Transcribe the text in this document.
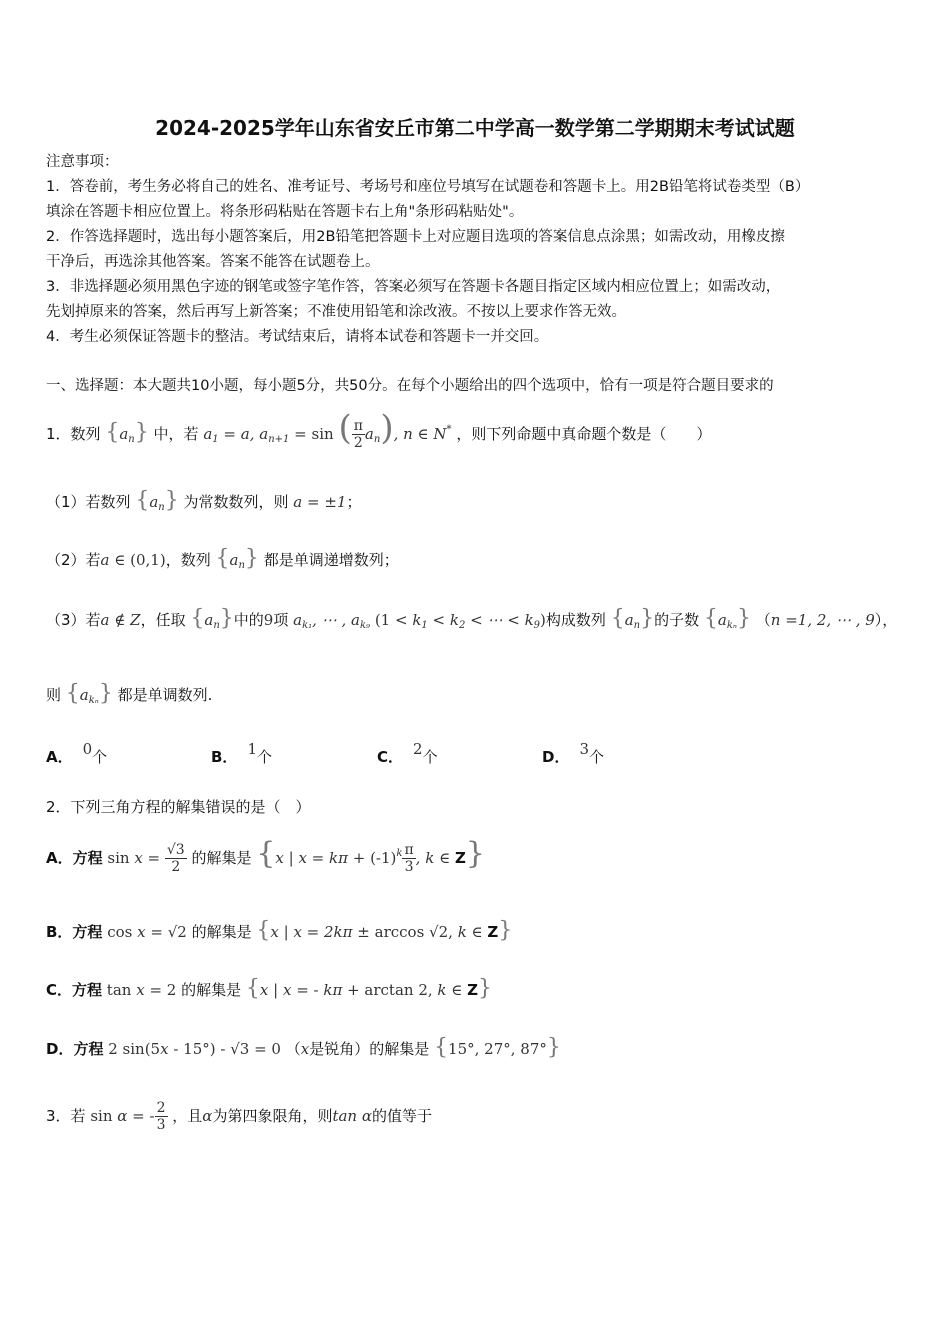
2024-2025学年山东省安丘市第二中学高一数学第二学期期末考试试题
注意事项：
1．答卷前，考生务必将自己的姓名、准考证号、考场号和座位号填写在试题卷和答题卡上。用2B铅笔将试卷类型（B）
填涂在答题卡相应位置上。将条形码粘贴在答题卡右上角"条形码粘贴处"。
2．作答选择题时，选出每小题答案后，用2B铅笔把答题卡上对应题目选项的答案信息点涂黑；如需改动，用橡皮擦
干净后，再选涂其他答案。答案不能答在试题卷上。
3．非选择题必须用黑色字迹的钢笔或签字笔作答，答案必须写在答题卡各题目指定区域内相应位置上；如需改动，
先划掉原来的答案，然后再写上新答案；不准使用铅笔和涂改液。不按以上要求作答无效。
4．考生必须保证答题卡的整洁。考试结束后，请将本试卷和答题卡一并交回。
一、选择题：本大题共10小题，每小题5分，共50分。在每个小题给出的四个选项中，恰有一项是符合题目要求的
1．数列 $\{a_n\}$ 中，若 $a_1 = a$, $a_{n+1} = \sin$ ( $\frac{\pi}{2} a_n$), n ∈ N* ，则下列命题中真命题个数是（　　）
（1）若数列 $\{a_n\}$ 为常数数列，则 a = ±1；
（2）若a ∈ (0,1)，数列 $\{a_n\}$ 都是单调递增数列；
（3）若a ∉ Z，任取 $\{a_n\}$中的9项 $a_{k_1}$, ⋯ , $a_{k_9}$ ($1 < k_1 < k_2$ < ⋯ < $k_9$)构成数列 $\{a_n\}$的子数 $\{a_{k_n}\}$ （n =1, 2, ⋯ , 9），
则 $\{a_{k_n}\}$ 都是单调数列.
A． 0个	B． 1个	C． 2个	D． 3个
2．下列三角方程的解集错误的是（　）
A．方程 $\sin x = \frac{√3}{2}$ 的解集是 {x | $x = k\pi + (-1)^k \frac{\pi}{3}$ , k ∈ Z}
B．方程 cos x = √2 的解集是 {x | x = 2kπ ± arccos √2, k ∈ Z}
C．方程 tan x = 2 的解集是 {x | x = - kπ + arctan 2, k ∈ Z}
D．方程 2 sin(5x - 15°) - √3 = 0 （x是锐角）的解集是 {15°, 27°, 87°}
3．若 sin α = - $\frac{2}{3}$ ，且α为第四象限角，则tan α的值等于
